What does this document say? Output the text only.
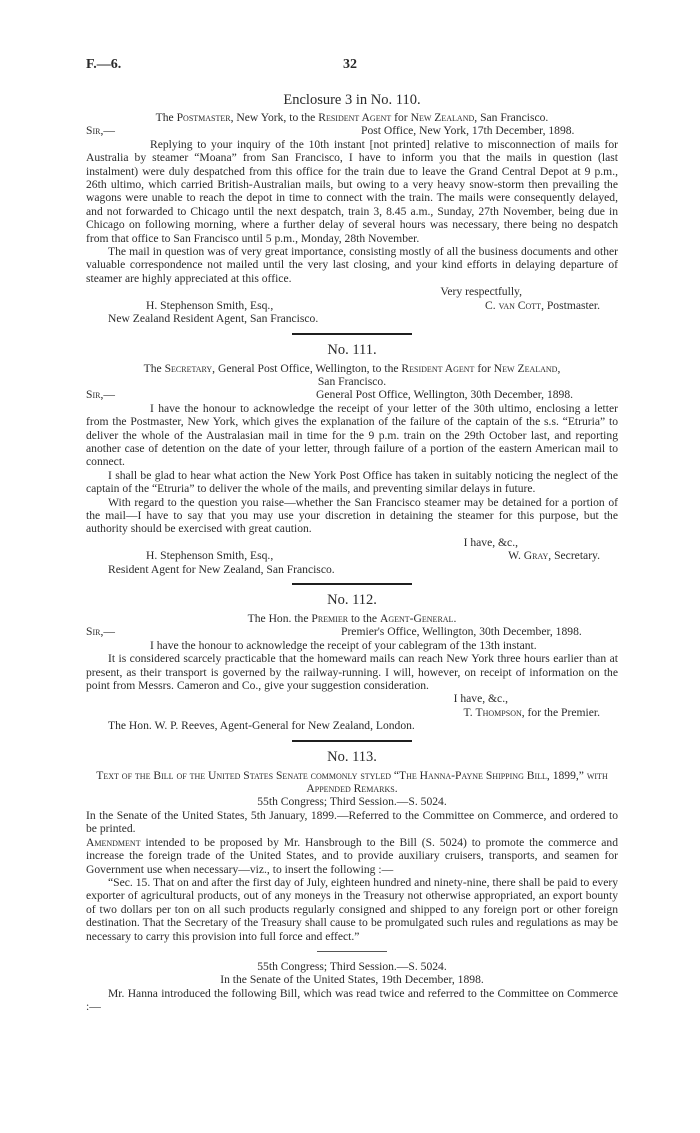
F.—6.	32
Enclosure 3 in No. 110.

The Postmaster, New York, to the Resident Agent for New Zealand, San Francisco.

Sir,—	Post Office, New York, 17th December, 1898.

Replying to your inquiry of the 10th instant [not printed] relative to misconnection of mails for Australia by steamer “Moana” from San Francisco, I have to inform you that the mails in question (last instalment) were duly despatched from this office for the train due to leave the Grand Central Depot at 9 p.m., 26th ultimo, which carried British-Australian mails, but owing to a very heavy snow-storm then prevailing the wagons were unable to reach the depot in time to connect with the train. The mails were consequently delayed, and not forwarded to Chicago until the next despatch, train 3, 8.45 a.m., Sunday, 27th November, being due in Chicago on following morning, where a further delay of several hours was necessary, there being no despatch from that office to San Francisco until 5 p.m., Monday, 28th November.

The mail in question was of very great importance, consisting mostly of all the business documents and other valuable correspondence not mailed until the very last closing, and your kind efforts in delaying departure of steamer are highly appreciated at this office.

Very respectfully,

H. Stephenson Smith, Esq.,	C. van Cott, Postmaster.

New Zealand Resident Agent, San Francisco.

No. 111.

The Secretary, General Post Office, Wellington, to the Resident Agent for New Zealand,

San Francisco.

Sir,—	General Post Office, Wellington, 30th December, 1898.

I have the honour to acknowledge the receipt of your letter of the 30th ultimo, enclosing a letter from the Postmaster, New York, which gives the explanation of the failure of the captain of the s.s. “Etruria” to deliver the whole of the Australasian mail in time for the 9 p.m. train on the 29th October last, and reporting another case of detention on the date of your letter, through failure of a portion of the eastern American mail to connect.

I shall be glad to hear what action the New York Post Office has taken in suitably noticing the neglect of the captain of the “Etruria” to deliver the whole of the mails, and preventing similar delays in future.

With regard to the question you raise—whether the San Francisco steamer may be detained for a portion of the mail—I have to say that you may use your discretion in detaining the steamer for this purpose, but the authority should be exercised with great caution.

I have, &c.,

H. Stephenson Smith, Esq.,	W. Gray, Secretary.

Resident Agent for New Zealand, San Francisco.

No. 112.

The Hon. the Premier to the Agent-General.

Sir,—	Premier's Office, Wellington, 30th December, 1898.

I have the honour to acknowledge the receipt of your cablegram of the 13th instant.

It is considered scarcely practicable that the homeward mails can reach New York three hours earlier than at present, as their transport is governed by the railway-running. I will, however, on receipt of information on the point from Messrs. Cameron and Co., give your suggestion consideration.

I have, &c.,

T. Thompson, for the Premier.

The Hon. W. P. Reeves, Agent-General for New Zealand, London.

No. 113.

Text of the Bill of the United States Senate commonly styled “The Hanna-Payne Shipping Bill, 1899,” with Appended Remarks.

55th Congress; Third Session.—S. 5024.

In the Senate of the United States, 5th January, 1899.—Referred to the Committee on Commerce, and ordered to be printed.

Amendment intended to be proposed by Mr. Hansbrough to the Bill (S. 5024) to promote the commerce and increase the foreign trade of the United States, and to provide auxiliary cruisers, transports, and seamen for Government use when necessary—viz., to insert the following :—

“Sec. 15. That on and after the first day of July, eighteen hundred and ninety-nine, there shall be paid to every exporter of agricultural products, out of any moneys in the Treasury not otherwise appropriated, an export bounty of two dollars per ton on all such products regularly consigned and shipped to any foreign port or other foreign destination. That the Secretary of the Treasury shall cause to be promulgated such rules and regulations as may be necessary to carry this provision into full force and effect.”

55th Congress; Third Session.—S. 5024.

In the Senate of the United States, 19th December, 1898.

Mr. Hanna introduced the following Bill, which was read twice and referred to the Committee on Commerce :—
